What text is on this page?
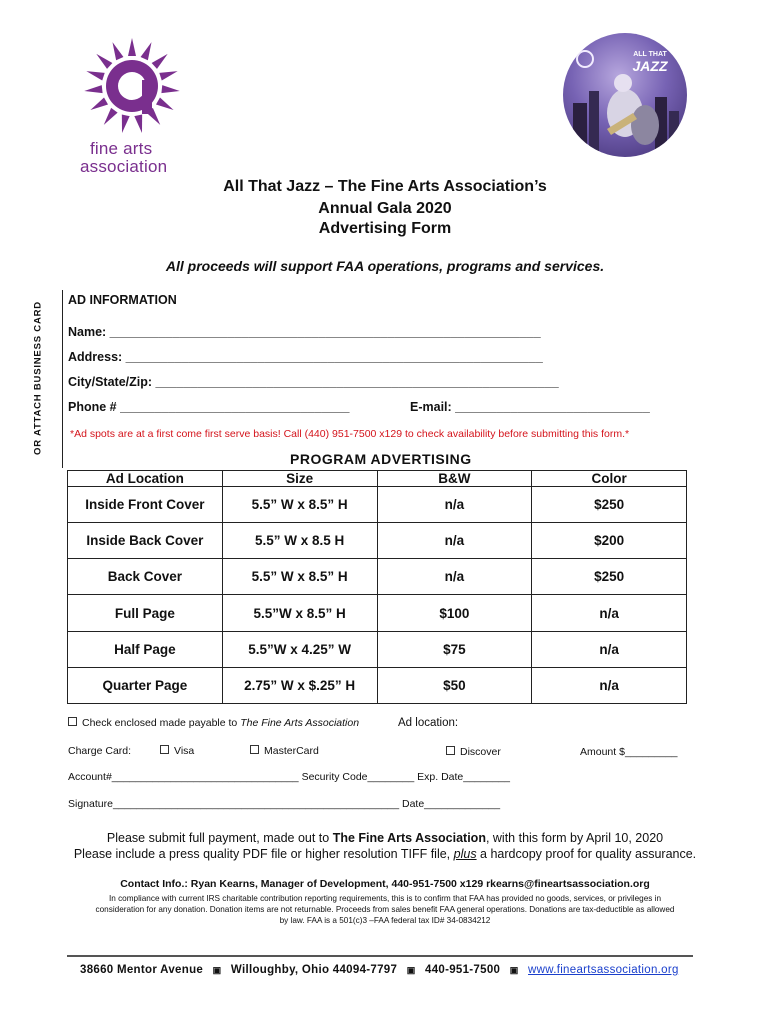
fine arts
association
ALL THAT
JAZZ
All That Jazz – The Fine Arts Association’s
Annual Gala 2020
Advertising Form
All proceeds will support FAA operations, programs and services.
OR ATTACH BUSINESS CARD
AD INFORMATION
Name: ______________________________________________________________
Address: ____________________________________________________________
City/State/Zip: __________________________________________________________
Phone # _________________________________	E-mail: ____________________________
*Ad spots are at a first come first serve basis! Call (440) 951-7500 x129 to check availability before submitting this form.*
PROGRAM ADVERTISING
Ad Location	Size	B&W	Color
Inside Front Cover	5.5” W x 8.5” H	n/a	$250
Inside Back Cover	5.5” W x 8.5 H	n/a	$200
Back Cover	5.5” W x 8.5” H	n/a	$250
Full Page	5.5”W x 8.5” H	$100	n/a
Half Page	5.5”W x 4.25” W	$75	n/a
Quarter Page	2.75” W x $.25” H	$50	n/a
Check enclosed made payable to The Fine Arts Association	Ad location:
Charge Card:	Visa	MasterCard	Discover	Amount $_________
Account#________________________________ Security Code________ Exp. Date________
Signature_________________________________________________ Date_____________
Please submit full payment, made out to The Fine Arts Association, with this form by April 10, 2020
Please include a press quality PDF file or higher resolution TIFF file, plus a hardcopy proof for quality assurance.
Contact Info.: Ryan Kearns, Manager of Development, 440-951-7500 x129 rkearns@fineartsassociation.org
In compliance with current IRS charitable contribution reporting requirements, this is to confirm that FAA has provided no goods, services, or privileges in
consideration for any donation. Donation items are not returnable. Proceeds from sales benefit FAA general operations. Donations are tax-deductible as allowed
by law. FAA is a 501(c)3 –FAA federal tax ID# 34-0834212
38660 Mentor Avenue ▣ Willoughby, Ohio 44094-7797 ▣ 440-951-7500 ▣ www.fineartsassociation.org
